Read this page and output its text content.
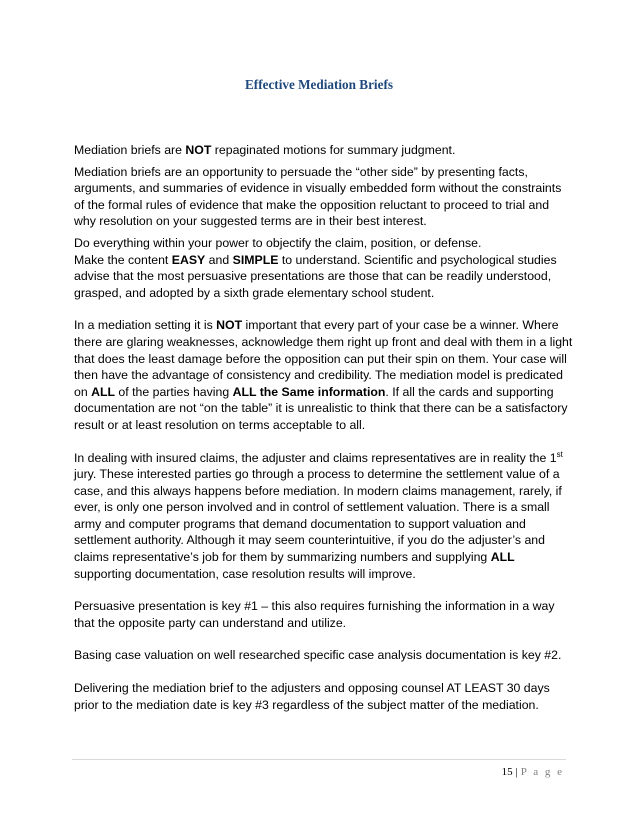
Effective Mediation Briefs

Mediation briefs are NOT repaginated motions for summary judgment.

Mediation briefs are an opportunity to persuade the “other side” by presenting facts, arguments, and summaries of evidence in visually embedded form without the constraints of the formal rules of evidence that make the opposition reluctant to proceed to trial and why resolution on your suggested terms are in their best interest.

Do everything within your power to objectify the claim, position, or defense.
Make the content EASY and SIMPLE to understand. Scientific and psychological studies advise that the most persuasive presentations are those that can be readily understood, grasped, and adopted by a sixth grade elementary school student.

In a mediation setting it is NOT important that every part of your case be a winner. Where there are glaring weaknesses, acknowledge them right up front and deal with them in a light that does the least damage before the opposition can put their spin on them. Your case will then have the advantage of consistency and credibility. The mediation model is predicated on ALL of the parties having ALL the Same information. If all the cards and supporting documentation are not “on the table” it is unrealistic to think that there can be a satisfactory result or at least resolution on terms acceptable to all.

In dealing with insured claims, the adjuster and claims representatives are in reality the 1st jury. These interested parties go through a process to determine the settlement value of a case, and this always happens before mediation. In modern claims management, rarely, if ever, is only one person involved and in control of settlement valuation. There is a small army and computer programs that demand documentation to support valuation and settlement authority. Although it may seem counterintuitive, if you do the adjuster’s and claims representative’s job for them by summarizing numbers and supplying ALL supporting documentation, case resolution results will improve.

Persuasive presentation is key #1 – this also requires furnishing the information in a way that the opposite party can understand and utilize.

Basing case valuation on well researched specific case analysis documentation is key #2.

Delivering the mediation brief to the adjusters and opposing counsel AT LEAST 30 days prior to the mediation date is key #3 regardless of the subject matter of the mediation.

15 | P a g e
